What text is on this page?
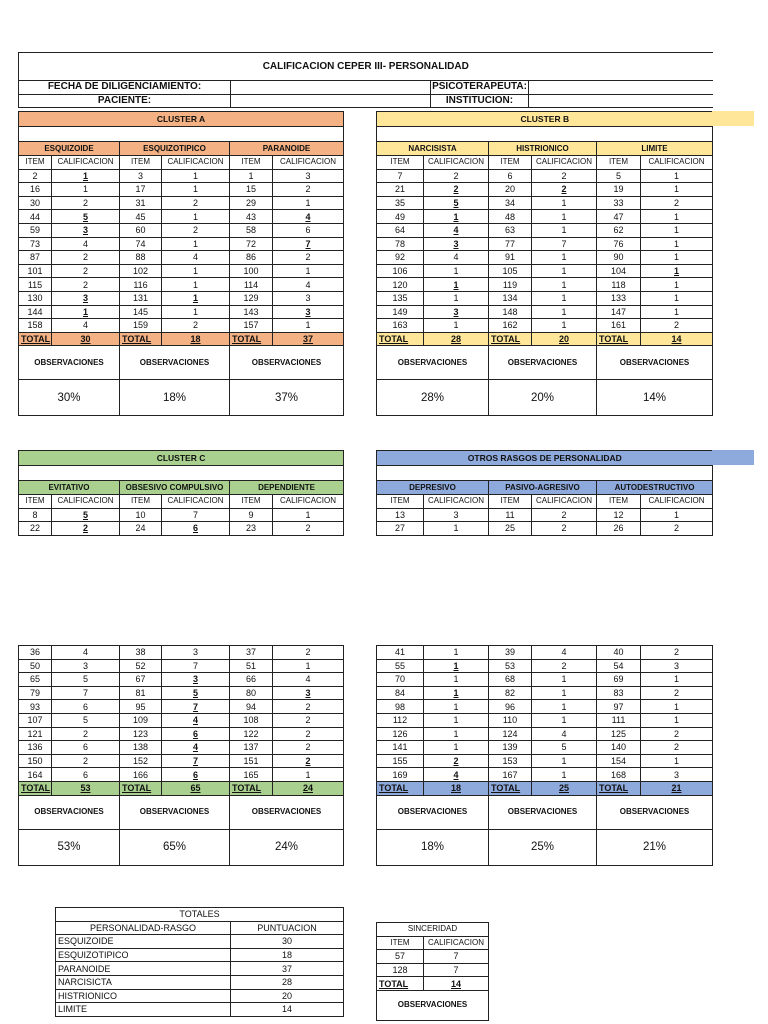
CALIFICACION CEPER III- PERSONALIDAD			
FECHA DE DILIGENCIAMIENTO:		PSICOTERAPEUTA:	
PACIENTE:		INSTITUCION:	
CLUSTER A					

ESQUIZOIDE		ESQUIZOTIPICO		PARANOIDE	
ITEM	CALIFICACION	ITEM	CALIFICACION	ITEM	CALIFICACION
2	1	3	1	1	3
16	1	17	1	15	2
30	2	31	2	29	1
44	5	45	1	43	4
59	3	60	2	58	6
73	4	74	1	72	7
87	2	88	4	86	2
101	2	102	1	100	1
115	2	116	1	114	4
130	3	131	1	129	3
144	1	145	1	143	3
158	4	159	2	157	1
TOTAL	30	TOTAL	18	TOTAL	37
OBSERVACIONES		OBSERVACIONES		OBSERVACIONES	
30%		18%		37%	
CLUSTER B					

NARCISISTA		HISTRIONICO		LIMITE	
ITEM	CALIFICACION	ITEM	CALIFICACION	ITEM	CALIFICACION
7	2	6	2	5	1
21	2	20	2	19	1
35	5	34	1	33	2
49	1	48	1	47	1
64	4	63	1	62	1
78	3	77	7	76	1
92	4	91	1	90	1
106	1	105	1	104	1
120	1	119	1	118	1
135	1	134	1	133	1
149	3	148	1	147	1
163	1	162	1	161	2
TOTAL	28	TOTAL	20	TOTAL	14
OBSERVACIONES		OBSERVACIONES		OBSERVACIONES	
28%		20%		14%	
CLUSTER C					

EVITATIVO		OBSESIVO COMPULSIVO		DEPENDIENTE	
ITEM	CALIFICACION	ITEM	CALIFICACION	ITEM	CALIFICACION
8	5	10	7	9	1
22	2	24	6	23	2
OTROS RASGOS DE PERSONALIDAD					

DEPRESIVO		PASIVO-AGRESIVO		AUTODESTRUCTIVO	
ITEM	CALIFICACION	ITEM	CALIFICACION	ITEM	CALIFICACION
13	3	11	2	12	1
27	1	25	2	26	2
36	4	38	3	37	2
50	3	52	7	51	1
65	5	67	3	66	4
79	7	81	5	80	3
93	6	95	7	94	2
107	5	109	4	108	2
121	2	123	6	122	2
136	6	138	4	137	2
150	2	152	7	151	2
164	6	166	6	165	1
TOTAL	53	TOTAL	65	TOTAL	24
OBSERVACIONES		OBSERVACIONES		OBSERVACIONES	
53%		65%		24%	
41	1	39	4	40	2
55	1	53	2	54	3
70	1	68	1	69	1
84	1	82	1	83	2
98	1	96	1	97	1
112	1	110	1	111	1
126	1	124	4	125	2
141	1	139	5	140	2
155	2	153	1	154	1
169	4	167	1	168	3
TOTAL	18	TOTAL	25	TOTAL	21
OBSERVACIONES		OBSERVACIONES		OBSERVACIONES	
18%		25%		21%	
TOTALES	
PERSONALIDAD-RASGO	PUNTUACION
ESQUIZOIDE	30
ESQUIZOTIPICO	18
PARANOIDE	37
NARCISICTA	28
HISTRIONICO	20
LIMITE	14
SINCERIDAD	
ITEM	CALIFICACION
57	7
128	7
TOTAL	14
OBSERVACIONES	
